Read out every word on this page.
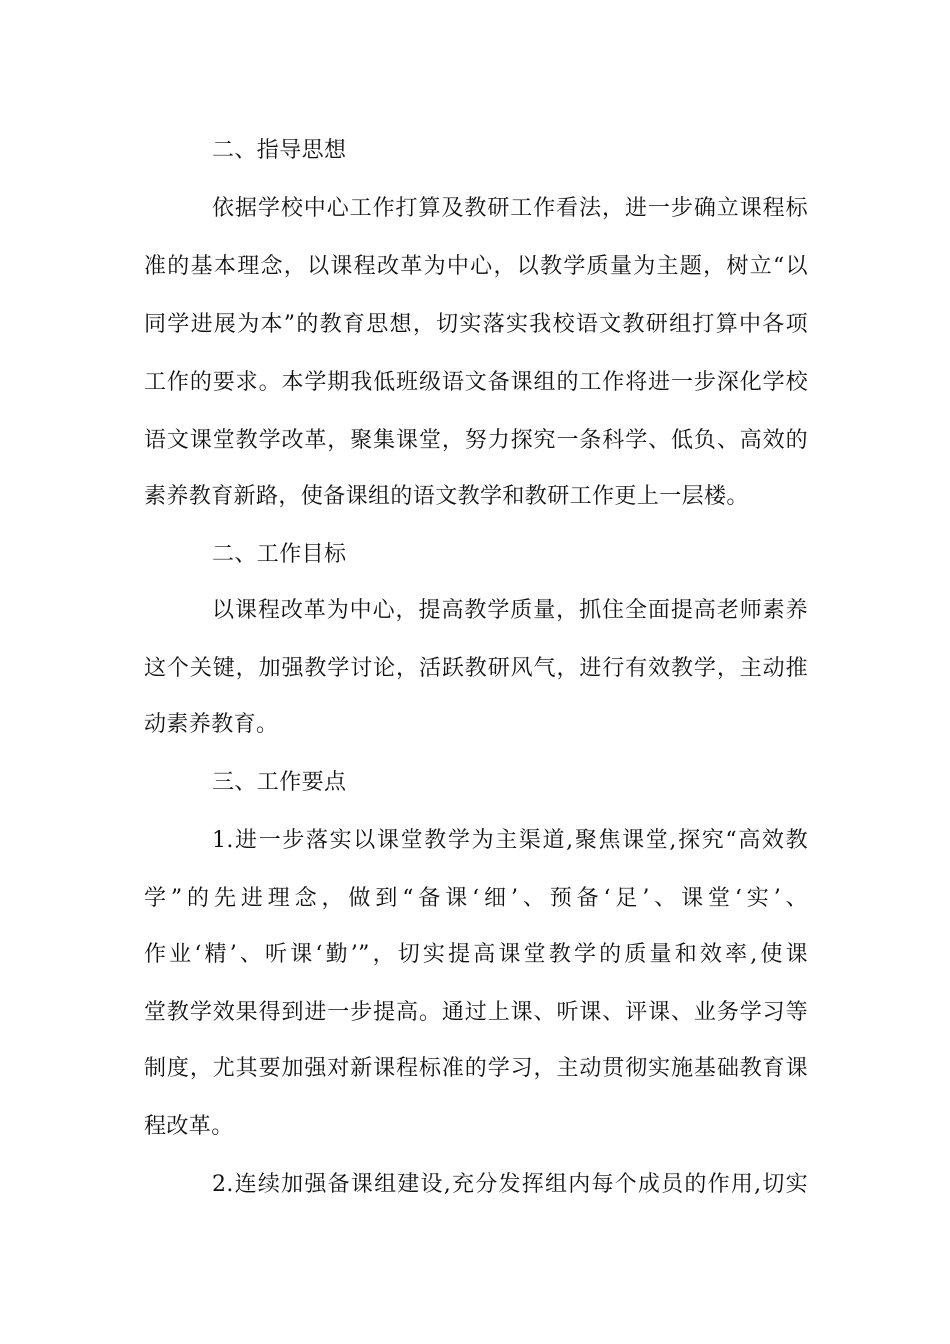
二、指导思想

依据学校中心工作打算及教研工作看法，进一步确立课程标

准的基本理念，以课程改革为中心，以教学质量为主题，树立“以

同学进展为本”的教育思想，切实落实我校语文教研组打算中各项

工作的要求。本学期我低班级语文备课组的工作将进一步深化学校

语文课堂教学改革，聚集课堂，努力探究一条科学、低负、高效的

素养教育新路，使备课组的语文教学和教研工作更上一层楼。

二、工作目标

以课程改革为中心，提高教学质量，抓住全面提高老师素养

这个关键，加强教学讨论，活跃教研风气，进行有效教学，主动推

动素养教育。

三、工作要点

1.进一步落实以课堂教学为主渠道,聚焦课堂,探究“高效教

学”的先进理念，做到“备课‘细’、预备‘足’、课堂‘实’、

作业‘精’、听课‘勤’”，切实提高课堂教学的质量和效率,使课

堂教学效果得到进一步提高。通过上课、听课、评课、业务学习等

制度，尤其要加强对新课程标准的学习，主动贯彻实施基础教育课

程改革。

2.连续加强备课组建设,充分发挥组内每个成员的作用,切实
